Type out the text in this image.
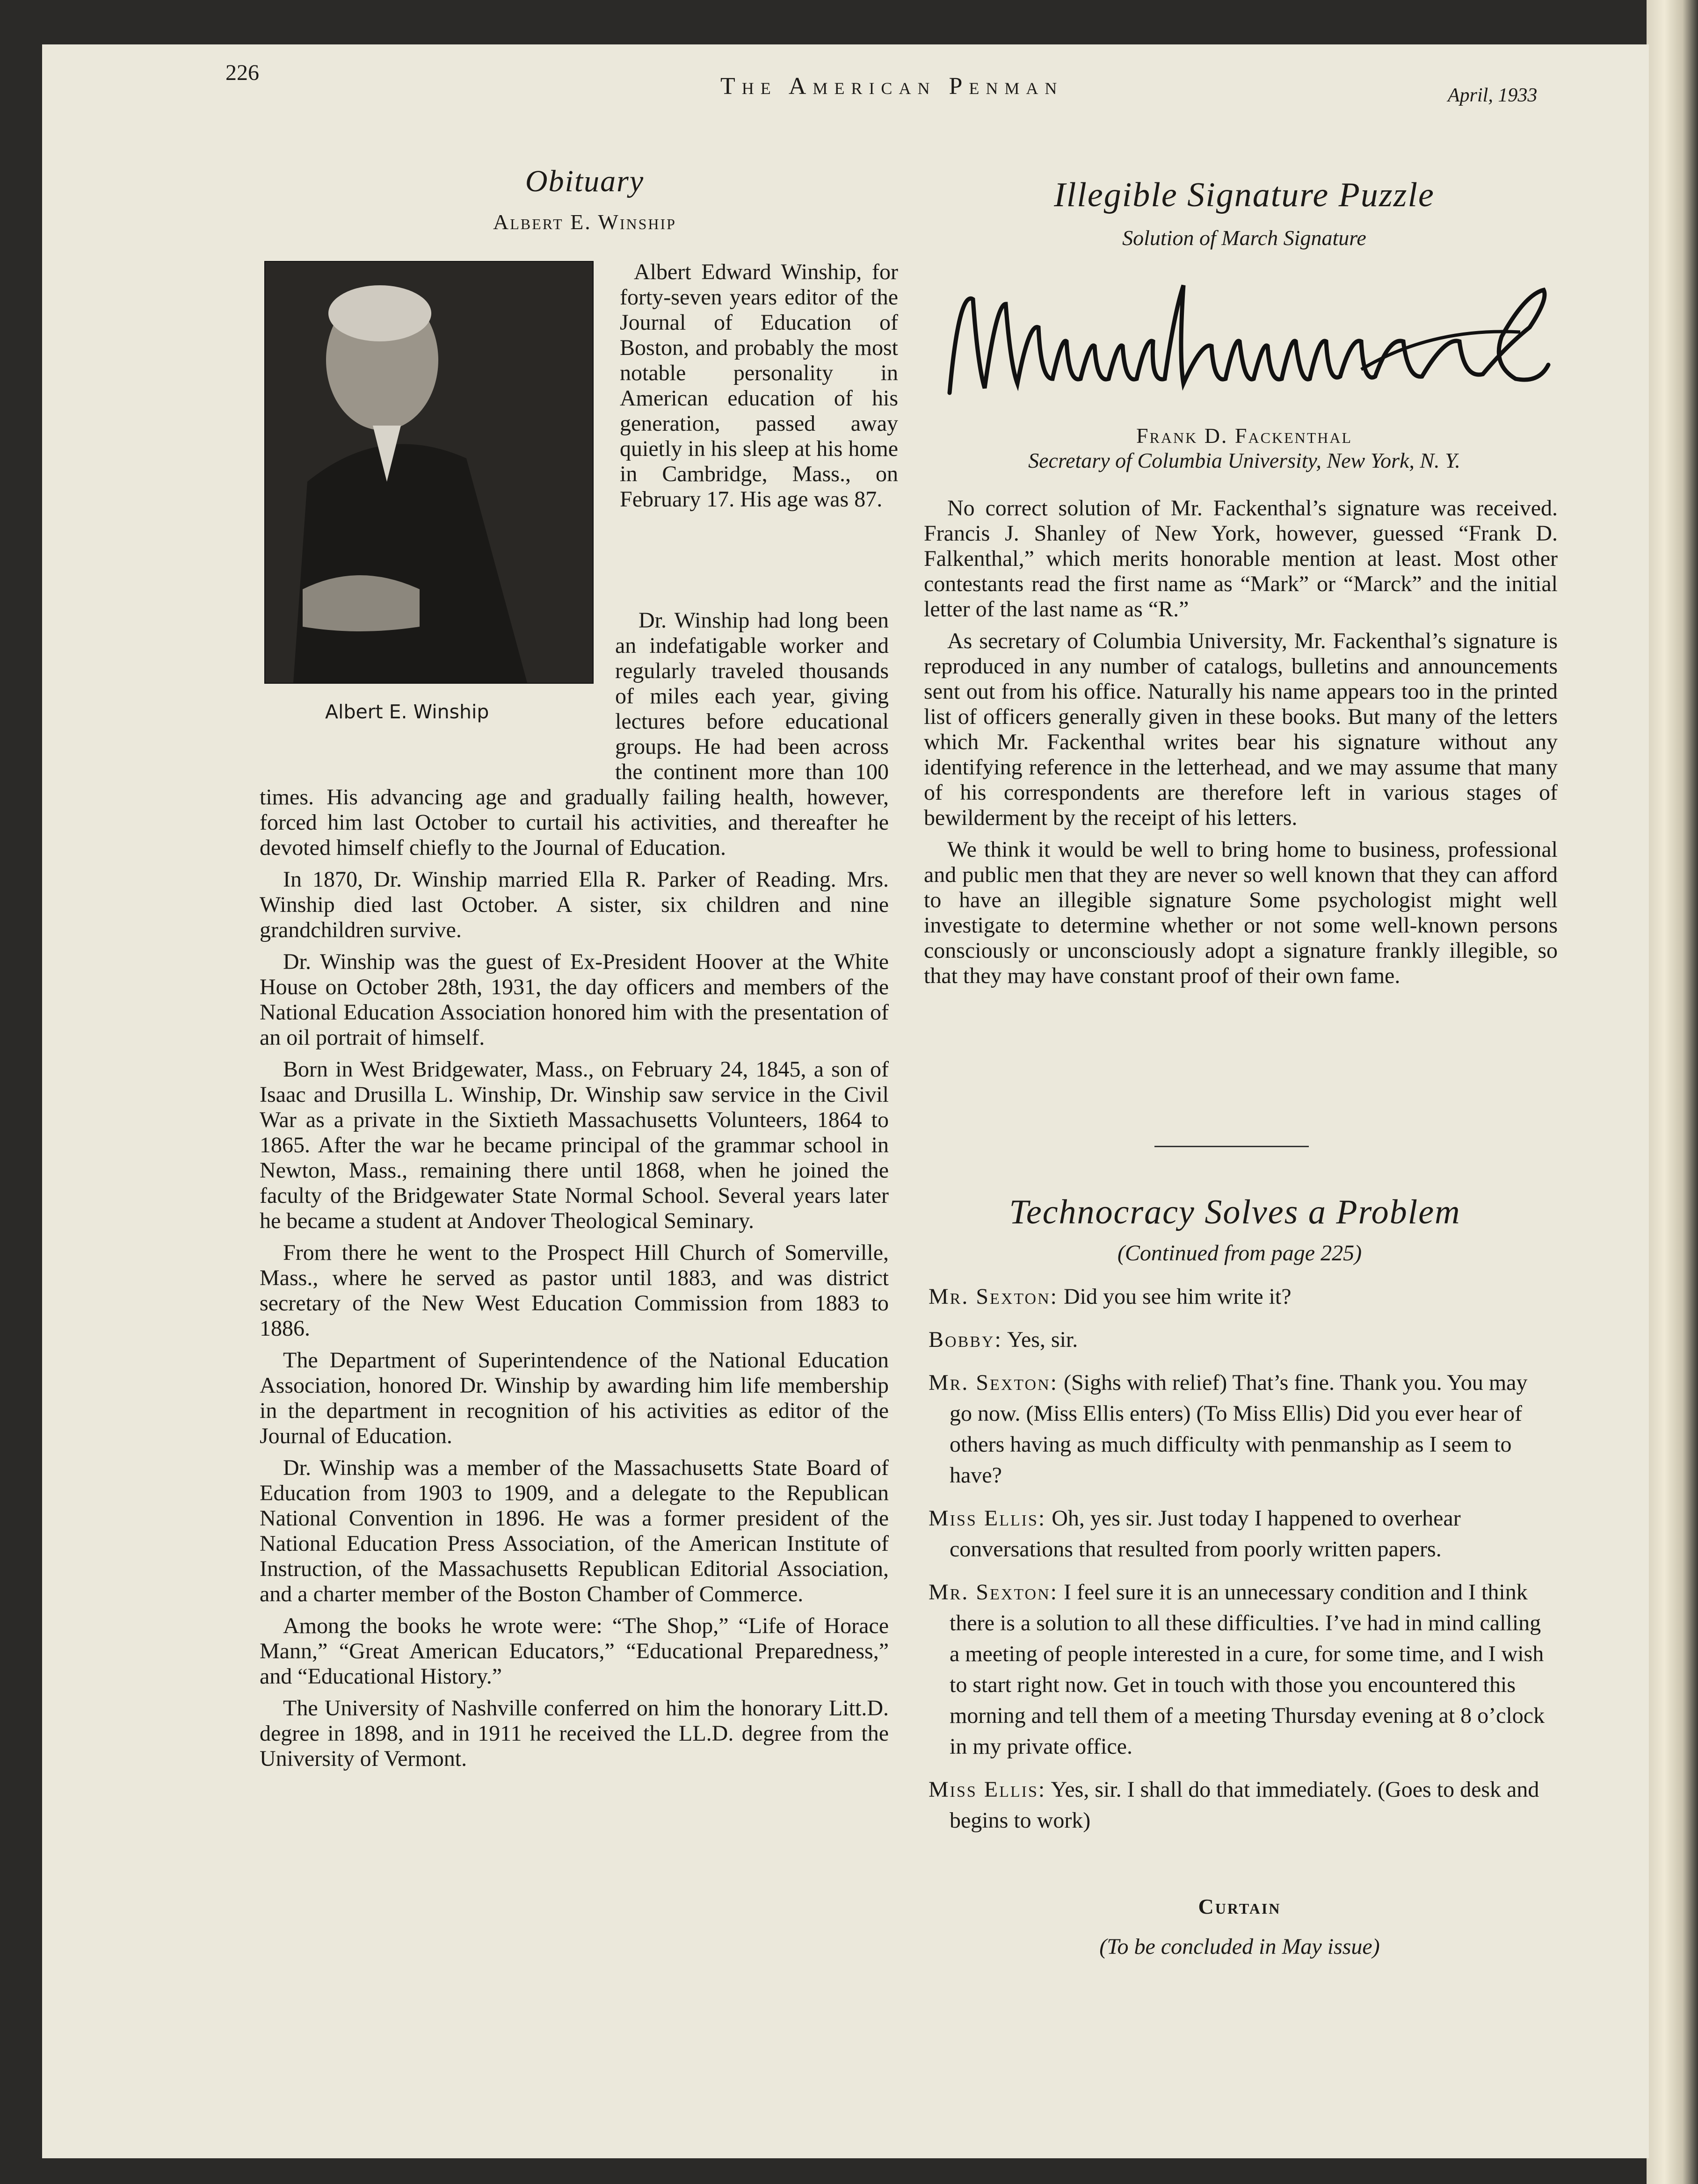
226
The American Penman	April, 1933
Obituary
Albert E. Winship
Albert E. Winship

Albert Edward Winship, for forty-seven years editor of the Journal of Education of Boston, and probably the most notable personality in American education of his generation, passed away quietly in his sleep at his home in Cambridge, Mass., on February 17. His age was 87.

Dr. Winship had long been an indefatigable worker and regularly traveled thousands of miles each year, giving lectures before educational groups. He had been across the continent more than 100 times. His advancing age and gradually failing health, however, forced him last October to curtail his activities, and thereafter he devoted himself chiefly to the Journal of Education.

In 1870, Dr. Winship married Ella R. Parker of Reading. Mrs. Winship died last October. A sister, six children and nine grandchildren survive.

Dr. Winship was the guest of Ex-President Hoover at the White House on October 28th, 1931, the day officers and members of the National Education Association honored him with the presentation of an oil portrait of himself.

Born in West Bridgewater, Mass., on February 24, 1845, a son of Isaac and Drusilla L. Winship, Dr. Winship saw service in the Civil War as a private in the Sixtieth Massachusetts Volunteers, 1864 to 1865. After the war he became principal of the grammar school in Newton, Mass., remaining there until 1868, when he joined the faculty of the Bridgewater State Normal School. Several years later he became a student at Andover Theological Seminary.

From there he went to the Prospect Hill Church of Somerville, Mass., where he served as pastor until 1883, and was district secretary of the New West Education Commission from 1883 to 1886.

The Department of Superintendence of the National Education Association, honored Dr. Winship by awarding him life membership in the department in recognition of his activities as editor of the Journal of Education.

Dr. Winship was a member of the Massachusetts State Board of Education from 1903 to 1909, and a delegate to the Republican National Convention in 1896. He was a former president of the National Education Press Association, of the American Institute of Instruction, of the Massachusetts Republican Editorial Association, and a charter member of the Boston Chamber of Commerce.

Among the books he wrote were: “The Shop,” “Life of Horace Mann,” “Great American Educators,” “Educational Preparedness,” and “Educational History.”

The University of Nashville conferred on him the honorary Litt.D. degree in 1898, and in 1911 he received the LL.D. degree from the University of Vermont.

Illegible Signature Puzzle
Solution of March Signature
Frank D. Fackenthal
Secretary of Columbia University, New York, N. Y.

No correct solution of Mr. Fackenthal’s signature was received. Francis J. Shanley of New York, however, guessed “Frank D. Falkenthal,” which merits honorable mention at least. Most other contestants read the first name as “Mark” or “Marck” and the initial letter of the last name as “R.”

As secretary of Columbia University, Mr. Fackenthal’s signature is reproduced in any number of catalogs, bulletins and announcements sent out from his office. Naturally his name appears too in the printed list of officers generally given in these books. But many of the letters which Mr. Fackenthal writes bear his signature without any identifying reference in the letterhead, and we may assume that many of his correspondents are therefore left in various stages of bewilderment by the receipt of his letters.

We think it would be well to bring home to business, professional and public men that they are never so well known that they can afford to have an illegible signature Some psychologist might well investigate to determine whether or not some well-known persons consciously or unconsciously adopt a signature frankly illegible, so that they may have constant proof of their own fame.

Technocracy Solves a Problem
(Continued from page 225)

Mr. Sexton: Did you see him write it?

Bobby: Yes, sir.

Mr. Sexton: (Sighs with relief) That’s fine. Thank you. You may go now. (Miss Ellis enters) (To Miss Ellis) Did you ever hear of others having as much difficulty with penmanship as I seem to have?

Miss Ellis: Oh, yes sir. Just today I happened to overhear conversations that resulted from poorly written papers.

Mr. Sexton: I feel sure it is an unnecessary condition and I think there is a solution to all these difficulties. I’ve had in mind calling a meeting of people interested in a cure, for some time, and I wish to start right now. Get in touch with those you encountered this morning and tell them of a meeting Thursday evening at 8 o’clock in my private office.

Miss Ellis: Yes, sir. I shall do that immediately. (Goes to desk and begins to work)

Curtain
(To be concluded in May issue)
